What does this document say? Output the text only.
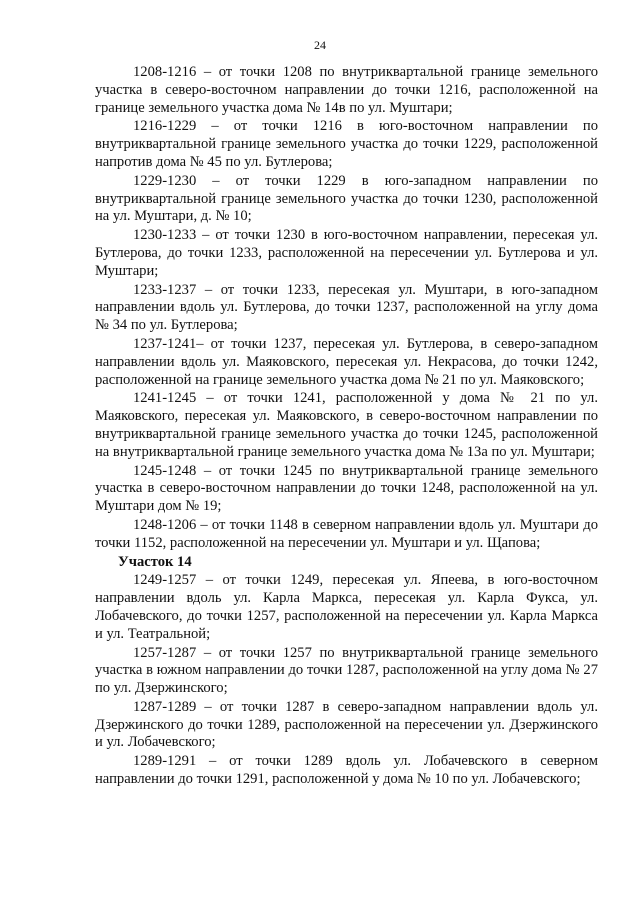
24

1208-1216 – от точки 1208 по внутриквартальной границе земельного участка в северо-восточном направлении до точки 1216, расположенной на границе земельного участка дома № 14в по ул. Муштари;

1216-1229 – от точки 1216 в юго-восточном направлении по внутриквартальной границе земельного участка до точки 1229, расположенной напротив дома № 45 по ул. Бутлерова;

1229-1230 – от точки 1229 в юго-западном направлении по внутриквартальной границе земельного участка до точки 1230, расположенной на ул. Муштари, д. № 10;

1230-1233 – от точки 1230 в юго-восточном направлении, пересекая ул. Бутлерова, до точки 1233, расположенной на пересечении ул. Бутлерова и ул. Муштари;

1233-1237 – от точки 1233, пересекая ул. Муштари, в юго-западном направлении вдоль ул. Бутлерова, до точки 1237, расположенной на углу дома № 34 по ул. Бутлерова;

1237-1241– от точки 1237, пересекая ул. Бутлерова, в северо-западном направлении вдоль ул. Маяковского, пересекая ул. Некрасова, до точки 1242, расположенной на границе земельного участка дома № 21 по ул. Маяковского;

1241-1245 – от точки 1241, расположенной у дома № 21 по ул. Маяковского, пересекая ул. Маяковского, в северо-восточном направлении по внутриквартальной границе земельного участка до точки 1245, расположенной на внутриквартальной границе земельного участка дома № 13а по ул. Муштари;

1245-1248 – от точки 1245 по внутриквартальной границе земельного участка в северо-восточном направлении до точки 1248, расположенной на ул. Муштари дом № 19;

1248-1206 – от точки 1148 в северном направлении вдоль ул. Муштари до точки 1152, расположенной на пересечении ул. Муштари и ул. Щапова;

Участок 14

1249-1257 – от точки 1249, пересекая ул. Япеева, в юго-восточном направлении вдоль ул. Карла Маркса, пересекая ул. Карла Фукса, ул. Лобачевского, до точки 1257, расположенной на пересечении ул. Карла Маркса и ул. Театральной;

1257-1287 – от точки 1257 по внутриквартальной границе земельного участка в южном направлении до точки 1287, расположенной на углу дома № 27 по ул. Дзержинского;

1287-1289 – от точки 1287 в северо-западном направлении вдоль ул. Дзержинского до точки 1289, расположенной на пересечении ул. Дзержинского и ул. Лобачевского;

1289-1291 – от точки 1289 вдоль ул. Лобачевского в северном направлении до точки 1291, расположенной у дома № 10 по ул. Лобачевского;
